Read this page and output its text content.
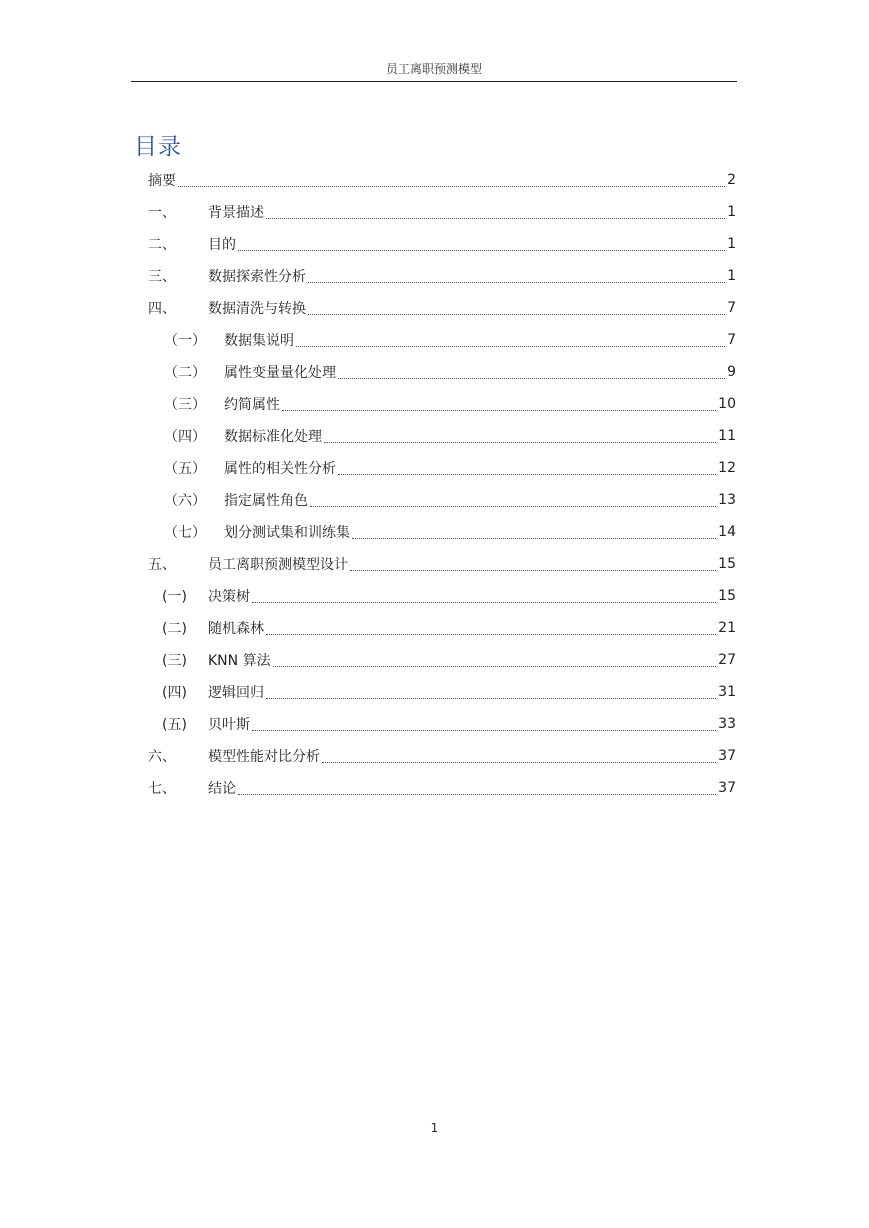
员工离职预测模型
目录
摘要	2
一、	背景描述	1
二、	目的	1
三、	数据探索性分析	1
四、	数据清洗与转换	7
（一）	数据集说明	7
（二）	属性变量量化处理	9
（三）	约简属性	10
（四）	数据标准化处理	11
（五）	属性的相关性分析	12
（六）	指定属性角色	13
（七）	划分测试集和训练集	14
五、	员工离职预测模型设计	15
(一)	决策树	15
(二)	随机森林	21
(三)	KNN 算法	27
(四)	逻辑回归	31
(五)	贝叶斯	33
六、	模型性能对比分析	37
七、	结论	37
1
